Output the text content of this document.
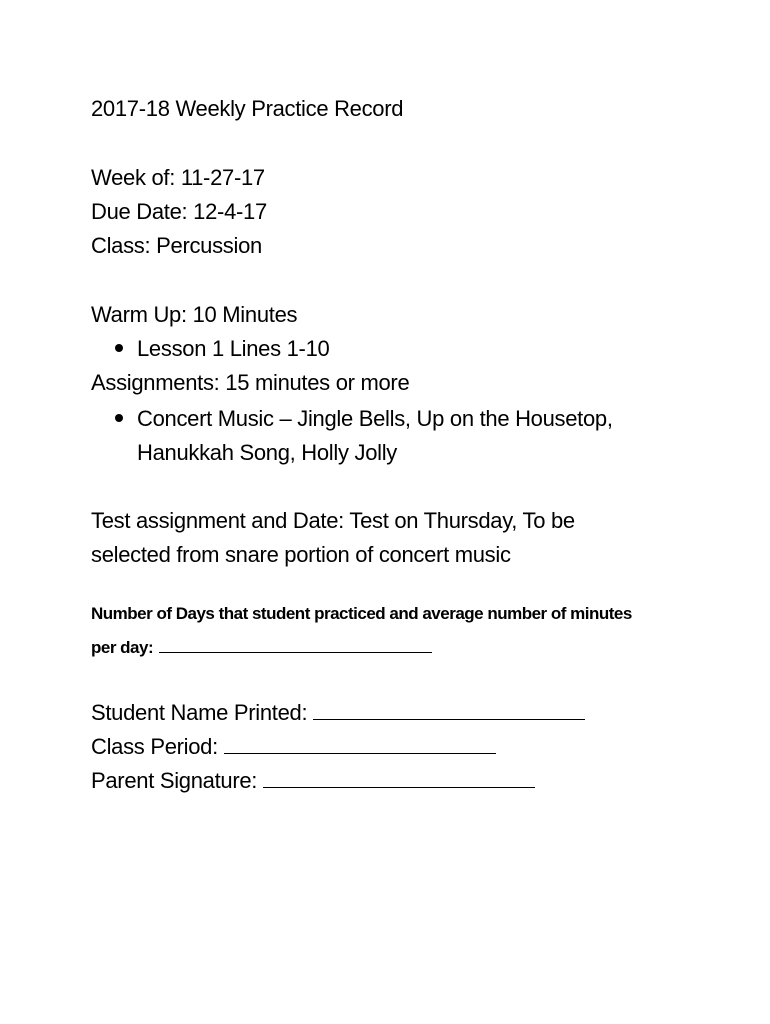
2017-18 Weekly Practice Record

Week of: 11-27-17

Due Date: 12-4-17

Class: Percussion

Warm Up: 10 Minutes

Lesson 1 Lines 1-10

Assignments: 15 minutes or more

Concert Music – Jingle Bells, Up on the Housetop,

Hanukkah Song, Holly Jolly

Test assignment and Date: Test on Thursday, To be

selected from snare portion of concert music

Number of Days that student practiced and average number of minutes

per day:

Student Name Printed:

Class Period:

Parent Signature:
